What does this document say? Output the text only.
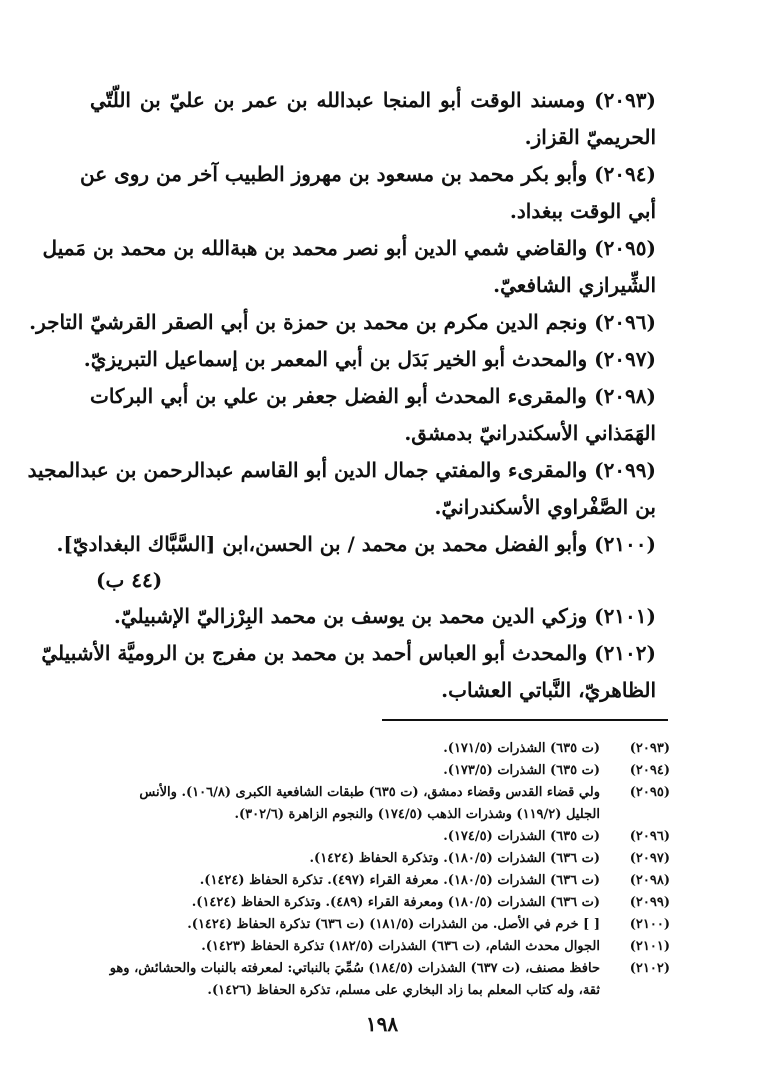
(٢٠٩٣) ومسند الوقت أبو المنجا عبدالله بن عمر بن عليّ بن اللّتّي
الحريميّ القزاز.
(٢٠٩٤) وأبو بكر محمد بن مسعود بن مهروز الطبيب آخر من روى عن
أبي الوقت ببغداد.
(٢٠٩٥) والقاضي شمي الدين أبو نصر محمد بن هبةالله بن محمد بن مَميل
الشِّيرازي الشافعيّ.
(٢٠٩٦) ونجم الدين مكرم بن محمد بن حمزة بن أبي الصقر القرشيّ التاجر.
(٢٠٩٧) والمحدث أبو الخير بَدَل بن أبي المعمر بن إسماعيل التبريزيّ.
(٢٠٩٨) والمقرىء المحدث أبو الفضل جعفر بن علي بن أبي البركات
الهَمَذاني الأسكندرانيّ بدمشق.
(٢٠٩٩) والمقرىء والمفتي جمال الدين أبو القاسم عبدالرحمن بن عبدالمجيد
بن الصَّفْراوي الأسكندرانيّ.
(٢١٠٠) وأبو الفضل محمد بن محمد / بن الحسن،ابن [السَّبَّاك البغداديّ].
(٤٤ ب)
(٢١٠١) وزكي الدين محمد بن يوسف بن محمد البِرْزاليّ الإشبيليّ.
(٢١٠٢) والمحدث أبو العباس أحمد بن محمد بن مفرج بن الروميَّة الأشبيليّ
الظاهريّ، النَّباتي العشاب.
(٢٠٩٣)
(ت ٦٣٥) الشذرات (١٧١/٥).
(٢٠٩٤)
(ت ٦٣٥) الشذرات (١٧٣/٥).
(٢٠٩٥)
ولي قضاء القدس وقضاء دمشق، (ت ٦٣٥) طبقات الشافعية الكبرى (١٠٦/٨). والأنس
الجليل (١١٩/٢) وشذرات الذهب (١٧٤/٥) والنجوم الزاهرة (٣٠٢/٦).
(٢٠٩٦)
(ت ٦٣٥) الشذرات (١٧٤/٥).
(٢٠٩٧)
(ت ٦٣٦) الشذرات (١٨٠/٥). وتذكرة الحفاظ (١٤٢٤).
(٢٠٩٨)
(ت ٦٣٦) الشذرات (١٨٠/٥). معرفة القراء (٤٩٧). تذكرة الحفاظ (١٤٢٤).
(٢٠٩٩)
(ت ٦٣٦) الشذرات (١٨٠/٥) ومعرفة القراء (٤٨٩). وتذكرة الحفاظ (١٤٢٤).
(٢١٠٠)
[ ] خرم في الأصل. من الشذرات (١٨١/٥) (ت ٦٣٦) تذكرة الحفاظ (١٤٢٤).
(٢١٠١)
الجوال محدث الشام، (ت ٦٣٦) الشذرات (١٨٢/٥) تذكرة الحفاظ (١٤٢٣).
(٢١٠٢)
حافظ مصنف، (ت ٦٣٧) الشذرات (١٨٤/٥) سُمِّيَ بالنباتي: لمعرفته بالنبات والحشائش، وهو
ثقة، وله كتاب المعلم بما زاد البخاري على مسلم، تذكرة الحفاظ (١٤٢٦).
١٩٨
